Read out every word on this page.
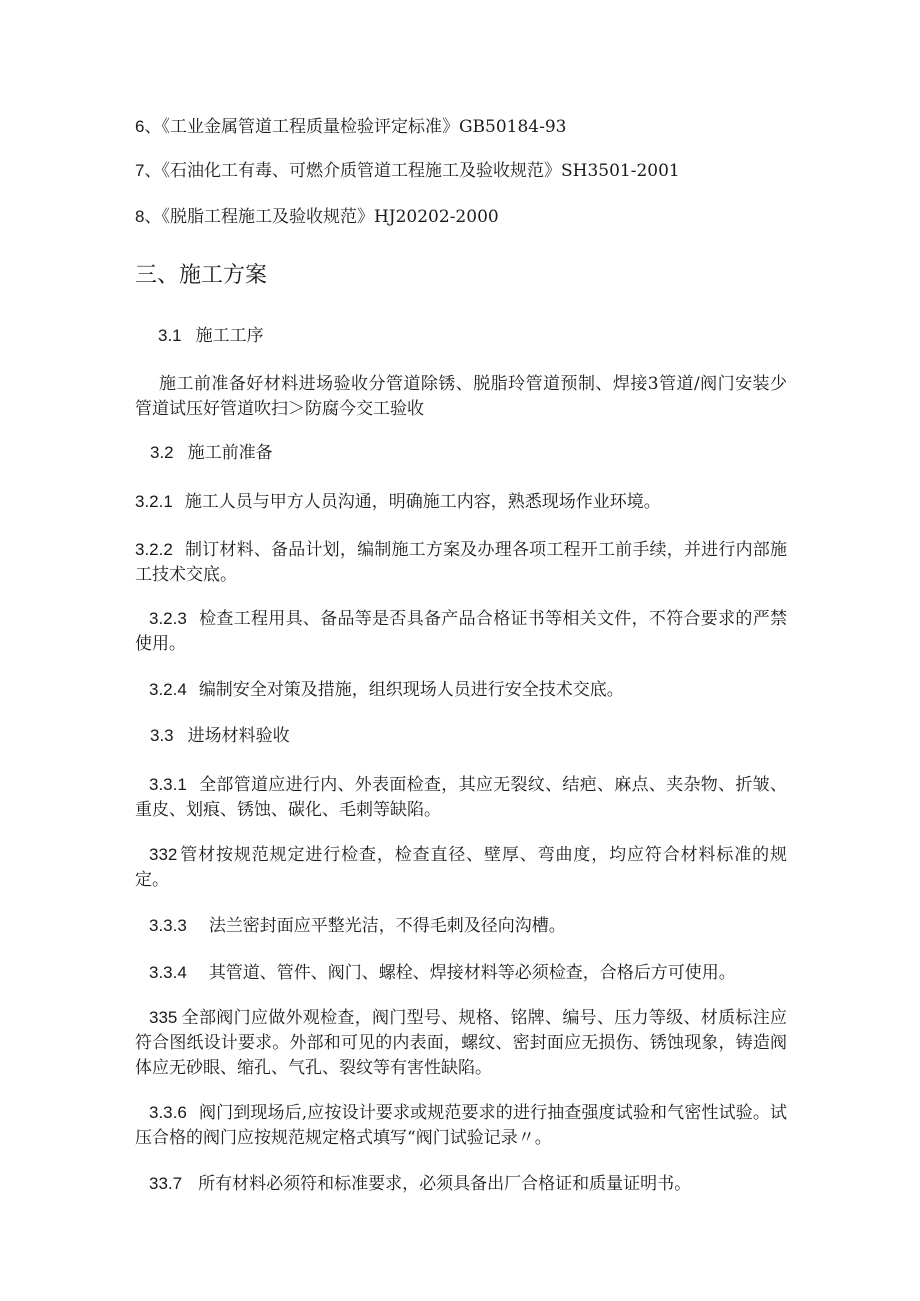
6、《工业金属管道工程质量检验评定标准》GB50184-93
7、《石油化工有毒、可燃介质管道工程施工及验收规范》SH3501-2001
8、《脱脂工程施工及验收规范》HJ20202-2000
三、施工方案
3.1 施工工序
施工前准备好材料进场验收分管道除锈、脱脂玲管道预制、焊接3管道/阀门安装少管道试压好管道吹扫＞防腐今交工验收
3.2 施工前准备
3.2.1 施工人员与甲方人员沟通，明确施工内容，熟悉现场作业环境。
3.2.2 制订材料、备品计划，编制施工方案及办理各项工程开工前手续，并进行内部施工技术交底。
3.2.3 检查工程用具、备品等是否具备产品合格证书等相关文件，不符合要求的严禁使用。
3.2.4 编制安全对策及措施，组织现场人员进行安全技术交底。
3.3 进场材料验收
3.3.1 全部管道应进行内、外表面检查，其应无裂纹、结疤、麻点、夹杂物、折皱、重皮、划痕、锈蚀、碳化、毛刺等缺陷。
332 管材按规范规定进行检查，检查直径、壁厚、弯曲度，均应符合材料标准的规定。
3.3.3 法兰密封面应平整光洁，不得毛刺及径向沟槽。
3.3.4 其管道、管件、阀门、螺栓、焊接材料等必须检查，合格后方可使用。
335 全部阀门应做外观检查，阀门型号、规格、铭牌、编号、压力等级、材质标注应符合图纸设计要求。外部和可见的内表面，螺纹、密封面应无损伤、锈蚀现象，铸造阀体应无砂眼、缩孔、气孔、裂纹等有害性缺陷。
3.3.6 阀门到现场后,应按设计要求或规范要求的进行抽查强度试验和气密性试验。试压合格的阀门应按规范规定格式填写“阀门试验记录〃。
33.7 所有材料必须符和标准要求，必须具备出厂合格证和质量证明书。
